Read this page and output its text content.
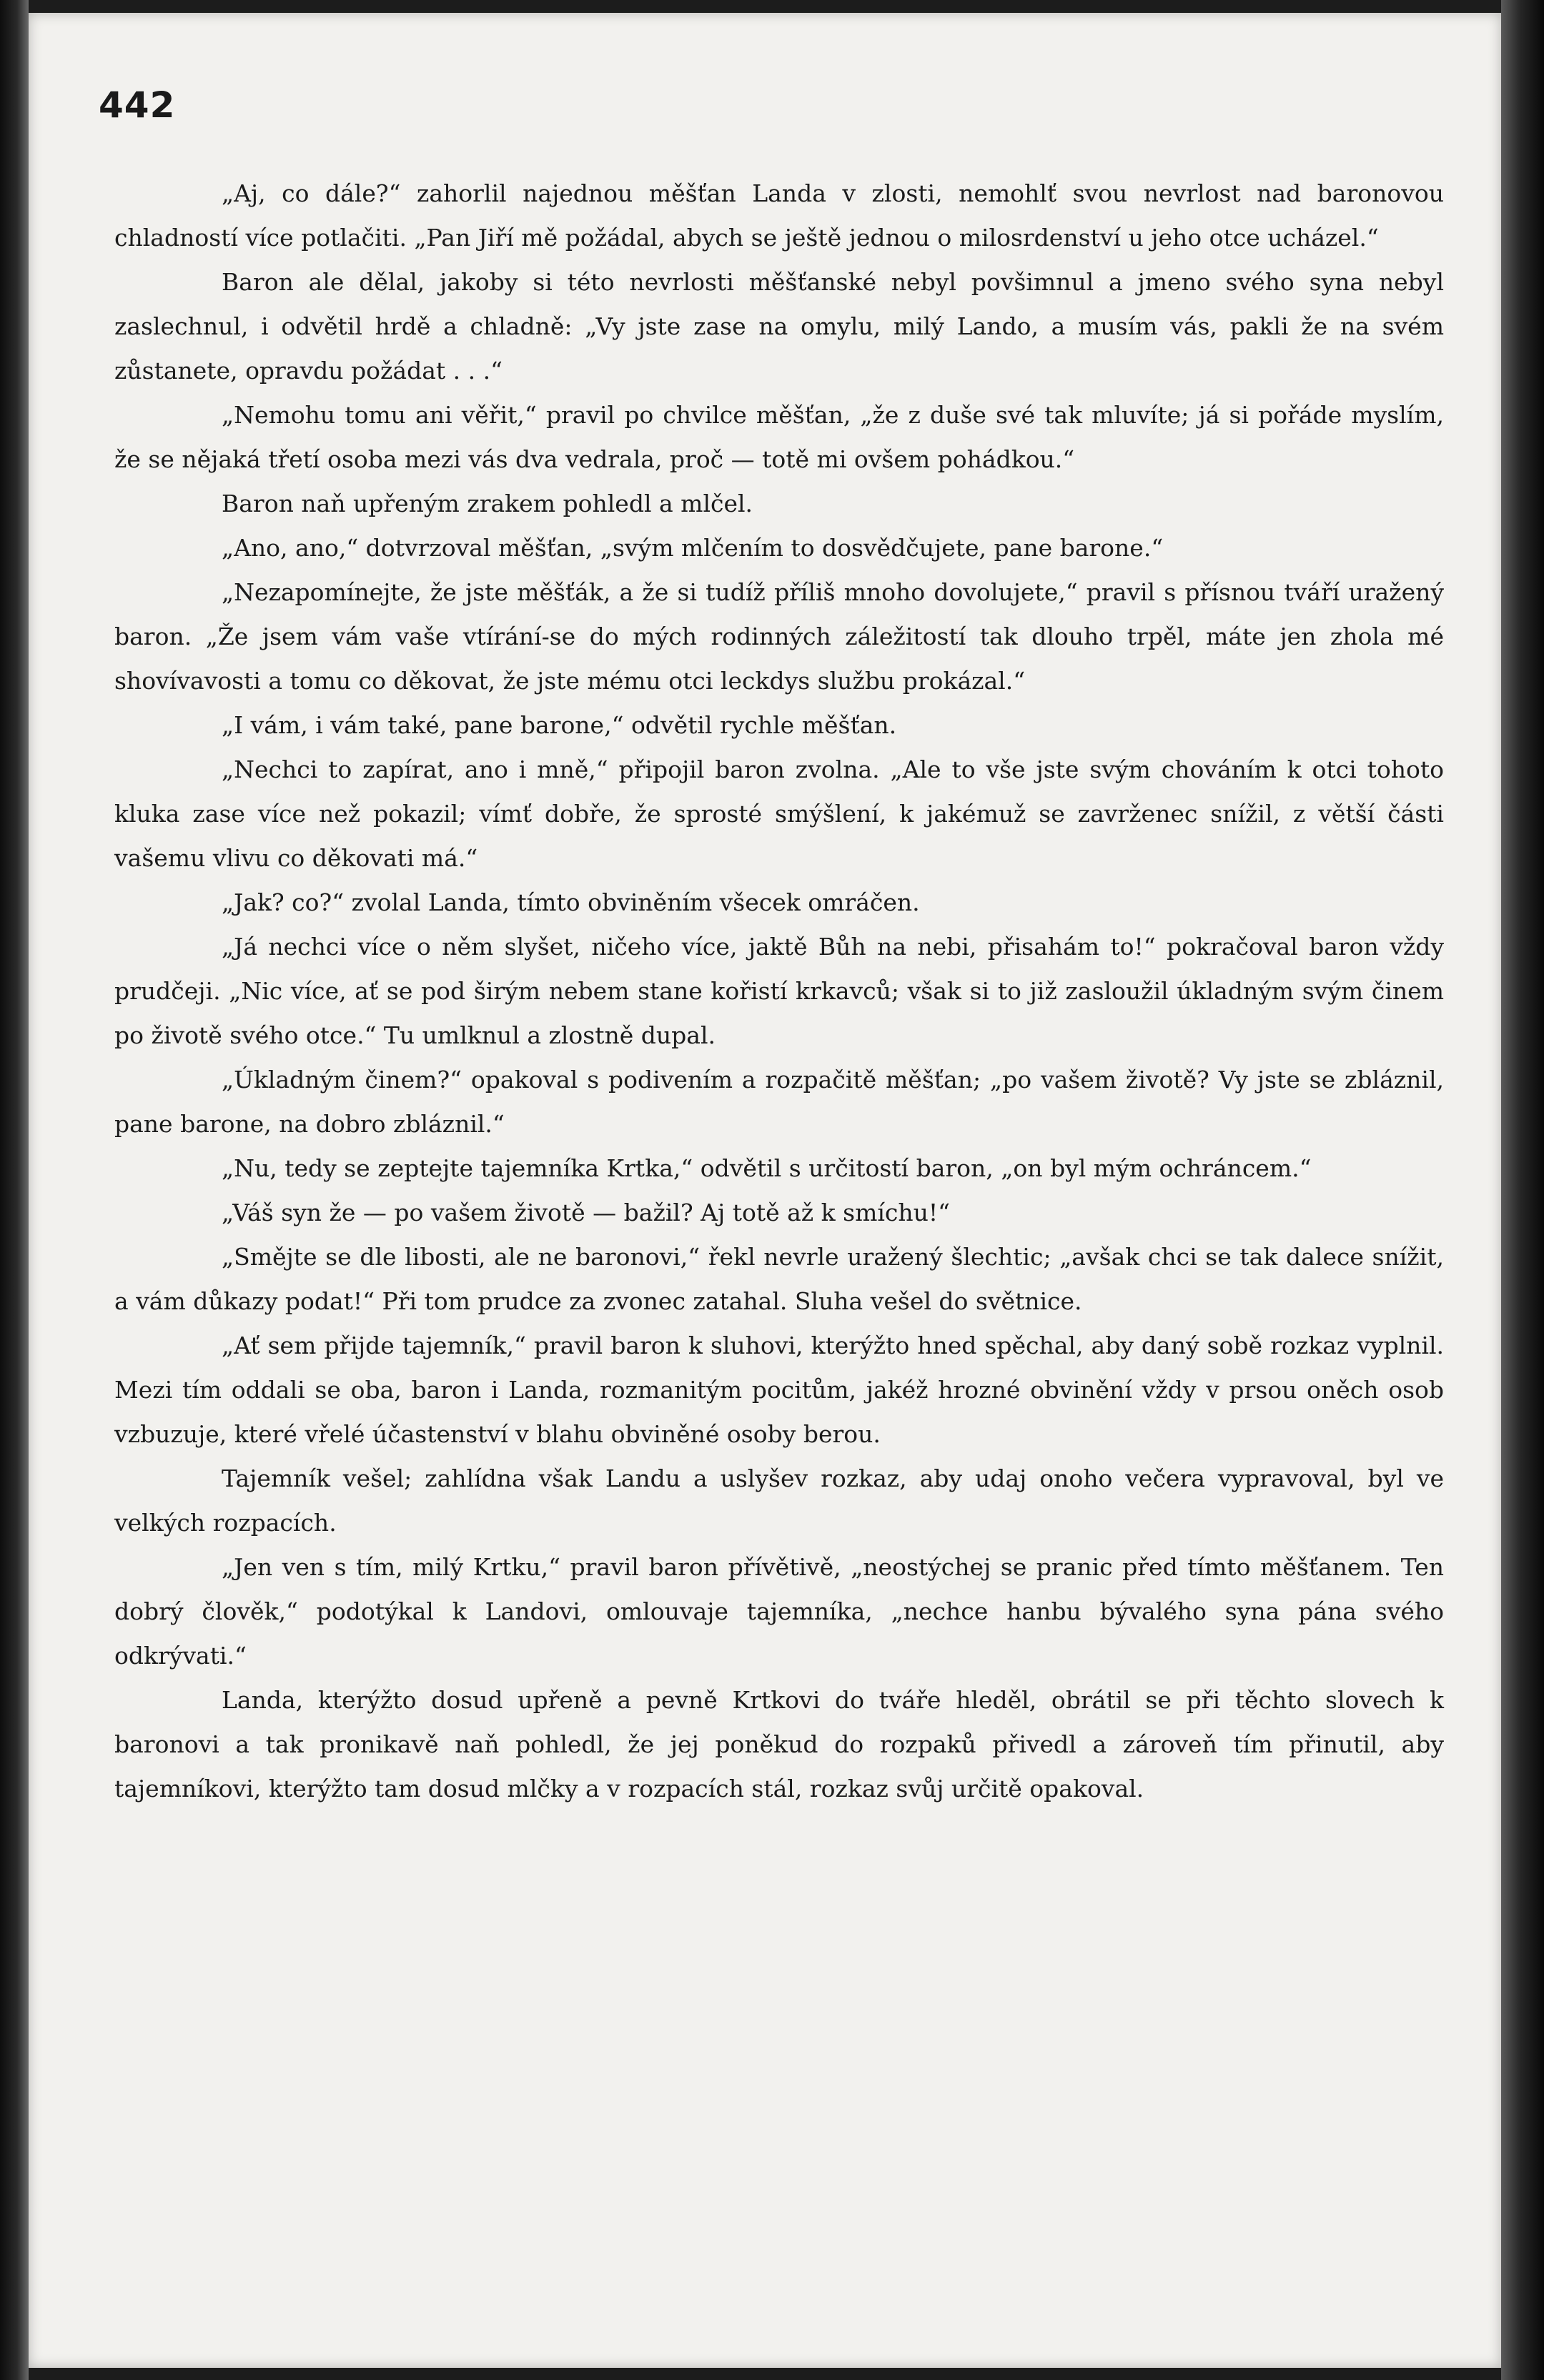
442

„Aj, co dále?“ zahorlil najednou měšťan Landa v zlosti, nemohlť svou nevrlost nad baronovou chladností více potlačiti. „Pan Jiří mě požádal, abych se ještě jednou o milosrdenství u jeho otce ucházel.“

Baron ale dělal, jakoby si této nevrlosti měšťanské nebyl povšimnul a jmeno svého syna nebyl zaslechnul, i odvětil hrdě a chladně: „Vy jste zase na omylu, milý Lando, a musím vás, pakli že na svém zůstanete, opravdu požádat . . .“

„Nemohu tomu ani věřit,“ pravil po chvilce měšťan, „že z duše své tak mluvíte; já si pořáde myslím, že se nějaká třetí osoba mezi vás dva vedrala, proč — totě mi ovšem pohádkou.“

Baron naň upřeným zrakem pohledl a mlčel.

„Ano, ano,“ dotvrzoval měšťan, „svým mlčením to dosvědčujete, pane barone.“

„Nezapomínejte, že jste měšťák, a že si tudíž příliš mnoho dovolujete,“ pravil s přísnou tváří uražený baron. „Že jsem vám vaše vtírání-se do mých rodinných záležitostí tak dlouho trpěl, máte jen zhola mé shovívavosti a tomu co děkovat, že jste mému otci leckdys službu prokázal.“

„I vám, i vám také, pane barone,“ odvětil rychle měšťan.

„Nechci to zapírat, ano i mně,“ připojil baron zvolna. „Ale to vše jste svým chováním k otci tohoto kluka zase více než pokazil; vímť dobře, že sprosté smýšlení, k jakémuž se zavrženec snížil, z větší části vašemu vlivu co děkovati má.“

„Jak? co?“ zvolal Landa, tímto obviněním všecek omráčen.

„Já nechci více o něm slyšet, ničeho více, jaktě Bůh na nebi, přisahám to!“ pokračoval baron vždy prudčeji. „Nic více, ať se pod širým nebem stane kořistí krkavců; však si to již zasloužil úkladným svým činem po životě svého otce.“ Tu umlknul a zlostně dupal.

„Úkladným činem?“ opakoval s podivením a rozpačitě měšťan; „po vašem životě? Vy jste se zbláznil, pane barone, na dobro zbláznil.“

„Nu, tedy se zeptejte tajemníka Krtka,“ odvětil s určitostí baron, „on byl mým ochráncem.“

„Váš syn že — po vašem životě — bažil? Aj totě až k smíchu!“

„Smějte se dle libosti, ale ne baronovi,“ řekl nevrle uražený šlechtic; „avšak chci se tak dalece snížit, a vám důkazy podat!“ Při tom prudce za zvonec zatahal. Sluha vešel do světnice.

„Ať sem přijde tajemník,“ pravil baron k sluhovi, kterýžto hned spěchal, aby daný sobě rozkaz vyplnil. Mezi tím oddali se oba, baron i Landa, rozmanitým pocitům, jakéž hrozné obvinění vždy v prsou oněch osob vzbuzuje, které vřelé účastenství v blahu obviněné osoby berou.

Tajemník vešel; zahlídna však Landu a uslyšev rozkaz, aby udaj onoho večera vypravoval, byl ve velkých rozpacích.

„Jen ven s tím, milý Krtku,“ pravil baron přívětivě, „neostýchej se pranic před tímto měšťanem. Ten dobrý člověk,“ podotýkal k Landovi, omlouvaje tajemníka, „nechce hanbu bývalého syna pána svého odkrývati.“

Landa, kterýžto dosud upřeně a pevně Krtkovi do tváře hleděl, obrátil se při těchto slovech k baronovi a tak pronikavě naň pohledl, že jej poněkud do rozpaků přivedl a zároveň tím přinutil, aby tajemníkovi, kterýžto tam dosud mlčky a v rozpacích stál, rozkaz svůj určitě opakoval.
